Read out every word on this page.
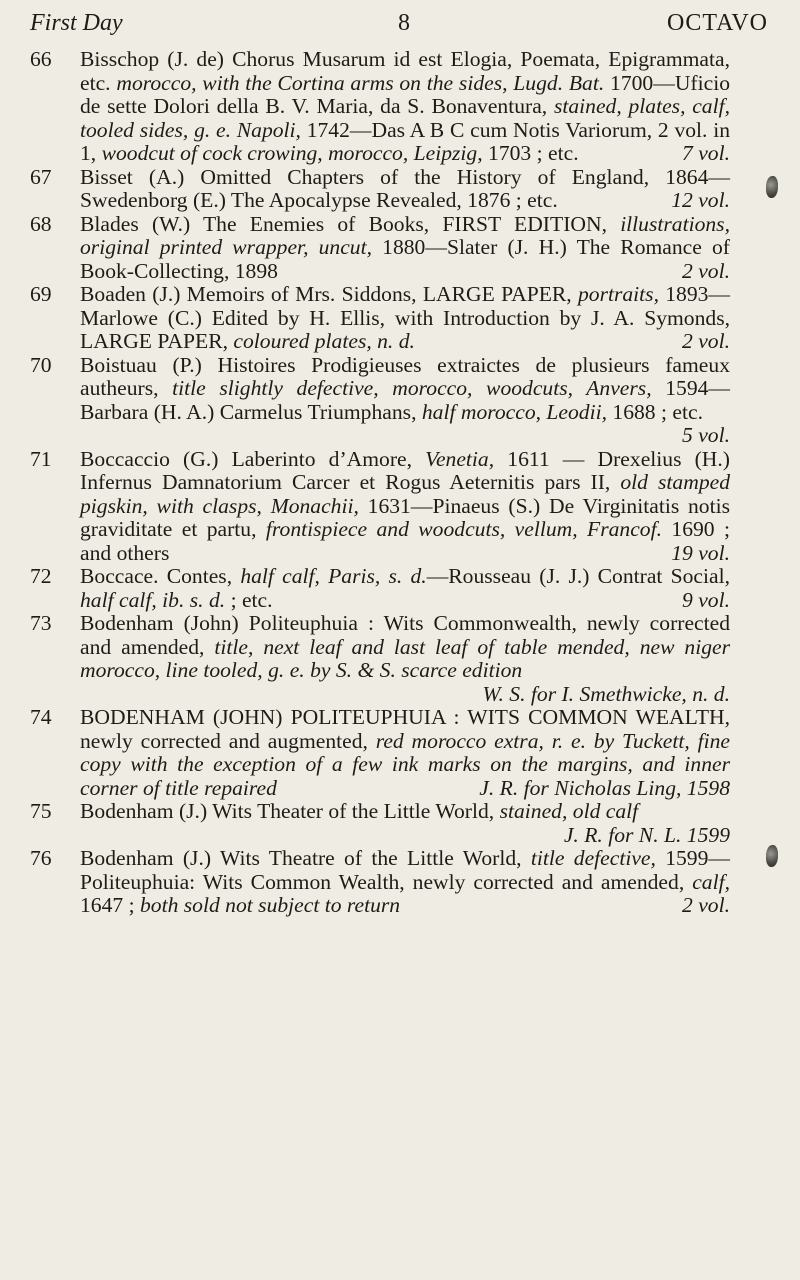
First Day	8	OCTAVO
66 Bisschop (J. de) Chorus Musarum id est Elogia, Poemata, Epigrammata, etc. morocco, with the Cortina arms on the sides, Lugd. Bat. 1700—Uficio de sette Dolori della B. V. Maria, da S. Bonaventura, stained, plates, calf, tooled sides, g. e. Napoli, 1742—Das A B C cum Notis Variorum, 2 vol. in 1, woodcut of cock crowing, morocco, Leipzig, 1703 ; etc.	7 vol.
67 Bisset (A.) Omitted Chapters of the History of England, 1864—Swedenborg (E.) The Apocalypse Revealed, 1876 ; etc.	12 vol.
68 Blades (W.) The Enemies of Books, FIRST EDITION, illustrations, original printed wrapper, uncut, 1880—Slater (J. H.) The Romance of Book-Collecting, 1898	2 vol.
69 Boaden (J.) Memoirs of Mrs. Siddons, LARGE PAPER, portraits, 1893—Marlowe (C.) Edited by H. Ellis, with Introduction by J. A. Symonds, LARGE PAPER, coloured plates, n. d.	2 vol.
70 Boistuau (P.) Histoires Prodigieuses extraictes de plusieurs fameux autheurs, title slightly defective, morocco, woodcuts, Anvers, 1594—Barbara (H. A.) Carmelus Triumphans, half morocco, Leodii, 1688 ; etc.
5 vol.
71 Boccaccio (G.) Laberinto d’Amore, Venetia, 1611 — Drexelius (H.) Infernus Damnatorium Carcer et Rogus Aeternitis pars II, old stamped pigskin, with clasps, Monachii, 1631—Pinaeus (S.) De Virginitatis notis graviditate et partu, frontispiece and woodcuts, vellum, Francof. 1690 ; and others	19 vol.
72 Boccace. Contes, half calf, Paris, s. d.—Rousseau (J. J.) Contrat Social, half calf, ib. s. d. ; etc.	9 vol.
73 Bodenham (John) Politeuphuia : Wits Commonwealth, newly corrected and amended, title, next leaf and last leaf of table mended, new niger morocco, line tooled, g. e. by S. & S. scarce edition
W. S. for I. Smethwicke, n. d.
74 BODENHAM (JOHN) POLITEUPHUIA : WITS COMMON WEALTH, newly corrected and augmented, red morocco extra, r. e. by Tuckett, fine copy with the exception of a few ink marks on the margins, and inner corner of title repaired	J. R. for Nicholas Ling, 1598
75 Bodenham (J.) Wits Theater of the Little World, stained, old calf
J. R. for N. L. 1599
76 Bodenham (J.) Wits Theatre of the Little World, title defective, 1599—Politeuphuia: Wits Common Wealth, newly corrected and amended, calf, 1647 ; both sold not subject to return	2 vol.
